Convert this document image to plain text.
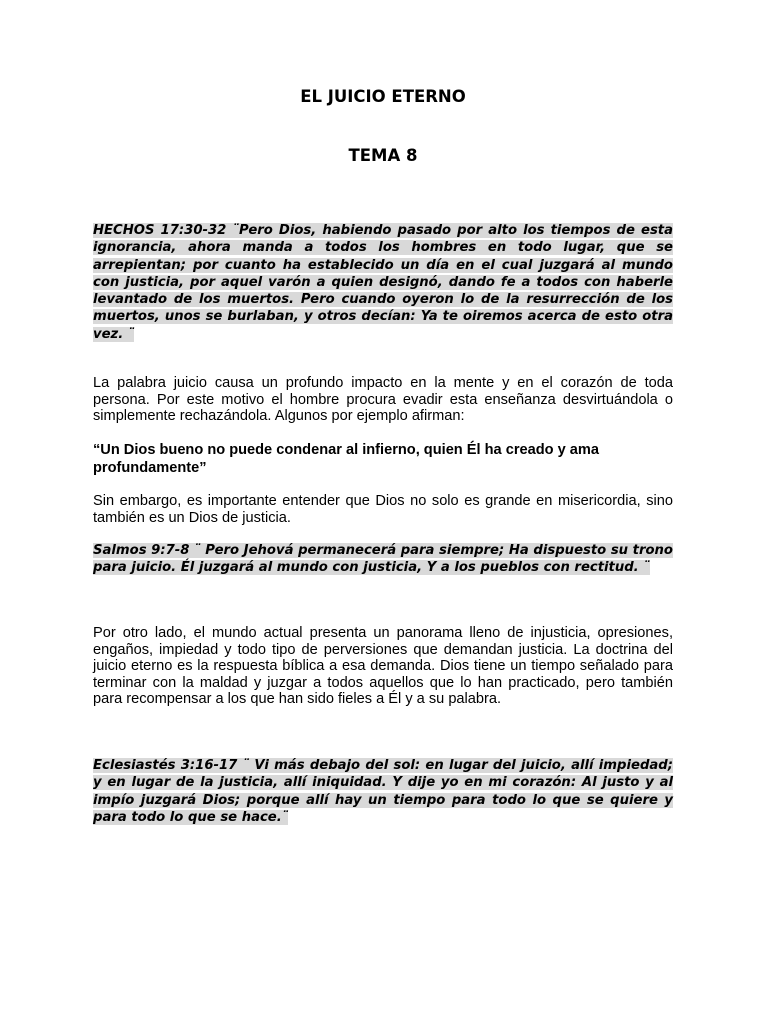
EL JUICIO ETERNO
TEMA 8

HECHOS 17:30-32 ¨Pero Dios, habiendo pasado por alto los tiempos de esta ignorancia, ahora manda a todos los hombres en todo lugar, que se arrepientan; por cuanto ha establecido un día en el cual juzgará al mundo con justicia, por aquel varón a quien designó, dando fe a todos con haberle levantado de los muertos. Pero cuando oyeron lo de la resurrección de los muertos, unos se burlaban, y otros decían: Ya te oiremos acerca de esto otra vez. ¨

La palabra juicio causa un profundo impacto en la mente y en el corazón de toda persona. Por este motivo el hombre procura evadir esta enseñanza desvirtuándola o simplemente rechazándola. Algunos por ejemplo afirman:

“Un Dios bueno no puede condenar al infierno, quien Él ha creado y ama profundamente”

Sin embargo, es importante entender que Dios no solo es grande en misericordia, sino también es un Dios de justicia.

Salmos 9:7-8 ¨ Pero Jehová permanecerá para siempre; Ha dispuesto su trono para juicio. Él juzgará al mundo con justicia, Y a los pueblos con rectitud. ¨

Por otro lado, el mundo actual presenta un panorama lleno de injusticia, opresiones, engaños, impiedad y todo tipo de perversiones que demandan justicia. La doctrina del juicio eterno es la respuesta bíblica a esa demanda. Dios tiene un tiempo señalado para terminar con la maldad y juzgar a todos aquellos que lo han practicado, pero también para recompensar a los que han sido fieles a Él y a su palabra.

Eclesiastés 3:16-17 ¨ Vi más debajo del sol: en lugar del juicio, allí impiedad; y en lugar de la justicia, allí iniquidad. Y dije yo en mi corazón: Al justo y al impío juzgará Dios; porque allí hay un tiempo para todo lo que se quiere y para todo lo que se hace.¨
